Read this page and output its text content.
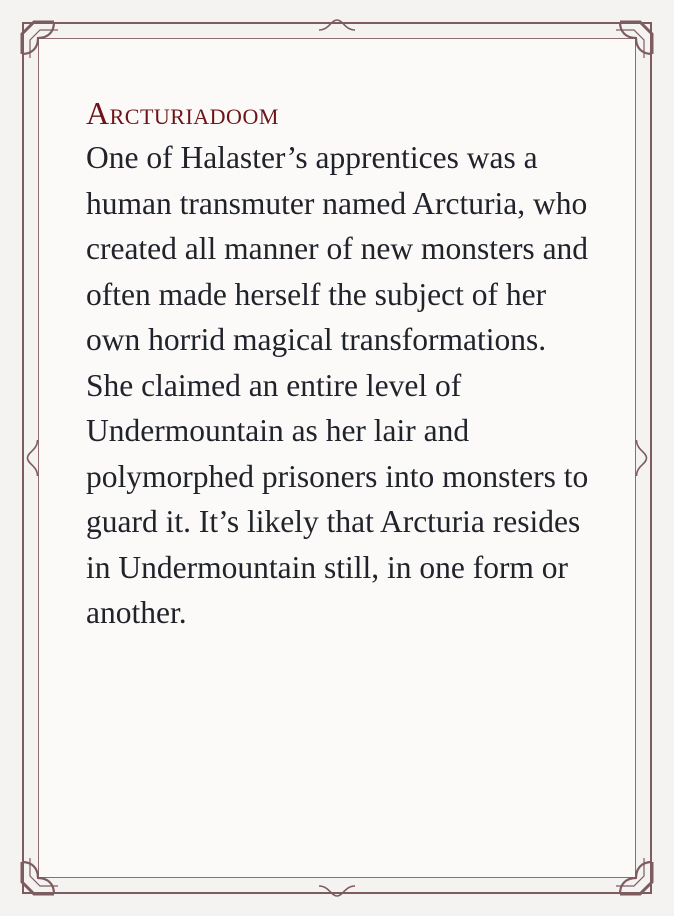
Arcturiadoom

One of Halaster’s apprentices was a human transmuter named Arcturia, who created all manner of new monsters and often made herself the subject of her own horrid magical transformations.

She claimed an entire level of Undermountain as her lair and polymorphed prisoners into monsters to guard it. It’s likely that Arcturia resides in Undermountain still, in one form or another.
